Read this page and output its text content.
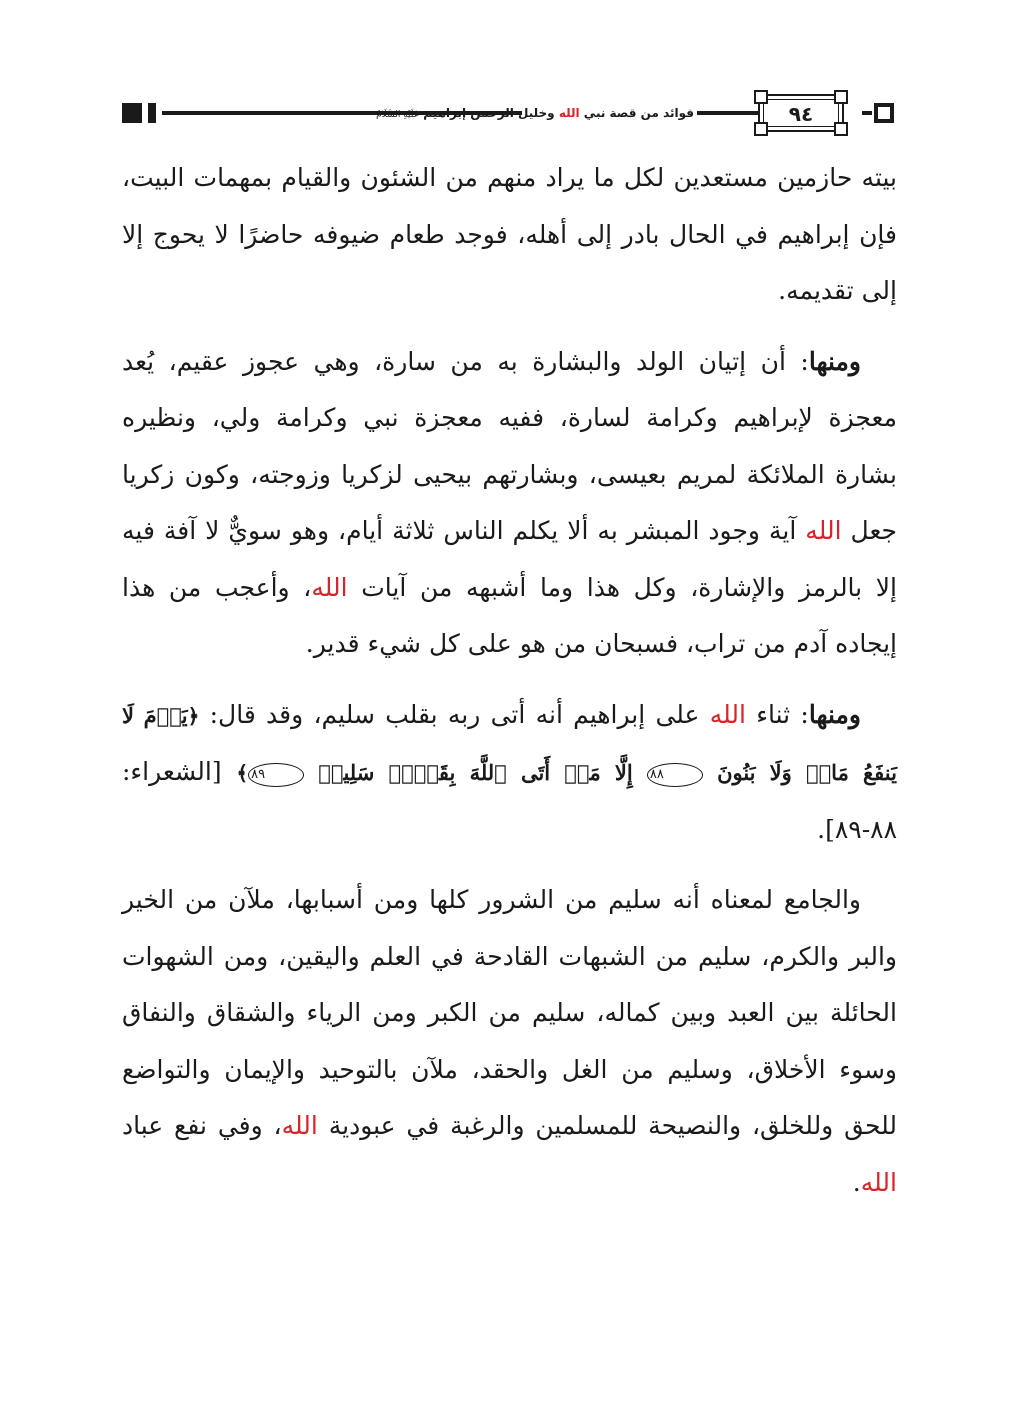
فوائد من قصة نبي الله وخليل الرحمن إبراهيم عَلَيْهِ السَّلَامُ	٩٤

بيته حازمين مستعدين لكل ما يراد منهم من الشئون والقيام بمهمات البيت، فإن إبراهيم في الحال بادر إلى أهله، فوجد طعام ضيوفه حاضرًا لا يحوج إلا إلى تقديمه.

ومنها: أن إتيان الولد والبشارة به من سارة، وهي عجوز عقيم، يُعد معجزة لإبراهيم وكرامة لسارة، ففيه معجزة نبي وكرامة ولي، ونظيره بشارة الملائكة لمريم بعيسى، وبشارتهم بيحيى لزكريا وزوجته، وكون زكريا جعل الله آية وجود المبشر به ألا يكلم الناس ثلاثة أيام، وهو سويٌّ لا آفة فيه إلا بالرمز والإشارة، وكل هذا وما أشبهه من آيات الله، وأعجب من هذا إيجاده آدم من تراب، فسبحان من هو على كل شيء قدير.

ومنها: ثناء الله على إبراهيم أنه أتى ربه بقلب سليم، وقد قال: ﴿يَوۡمَ لَا يَنفَعُ مَالٞ وَلَا بَنُونَ ٨٨ إِلَّا مَنۡ أَتَى ٱللَّهَ بِقَلۡبٖ سَلِيمٖ ٨٩﴾ [الشعراء: ٨٨-٨٩].

والجامع لمعناه أنه سليم من الشرور كلها ومن أسبابها، ملآن من الخير والبر والكرم، سليم من الشبهات القادحة في العلم واليقين، ومن الشهوات الحائلة بين العبد وبين كماله، سليم من الكبر ومن الرياء والشقاق والنفاق وسوء الأخلاق، وسليم من الغل والحقد، ملآن بالتوحيد والإيمان والتواضع للحق وللخلق، والنصيحة للمسلمين والرغبة في عبودية الله، وفي نفع عباد الله.
